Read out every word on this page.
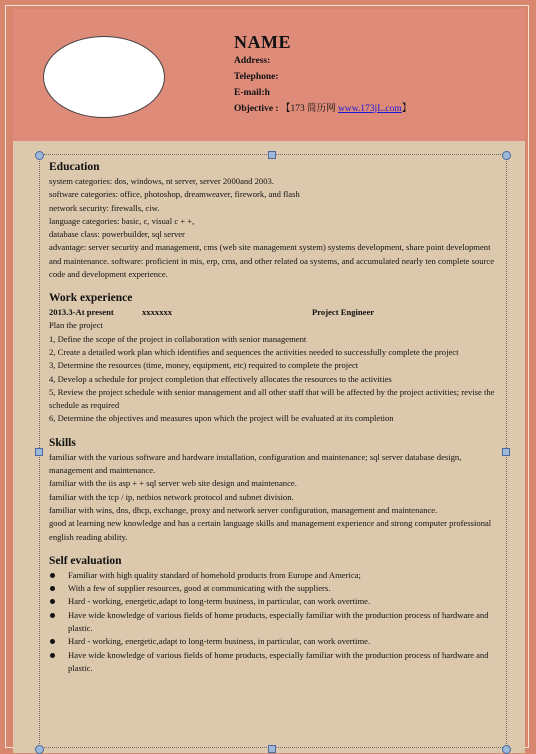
NAME

Address:

Telephone:

E-mail:h

Objective : 【173 简历网 www.173jL.com】

Education

system categories: dos, windows, nt server, server 2000and 2003.

software categories: office, photoshop, dreamweaver, firework, and flash

network security: firewalls, ciw.

language categories: basic, c, visual c + +,

database class: powerbuilder, sql server

advantage: server security and management, cms (web site management system) systems development, share point development and maintenance. software: proficient in mis, erp, cms, and other related oa systems, and accumulated nearly ten complete source code and development experience.

Work experience

2013.3-At present	xxxxxxx	Project Engineer

Plan the project

1, Define the scope of the project in collaboration with senior management

2, Create a detailed work plan which identifies and sequences the activities needed to successfully complete the project

3, Determine the resources (time, money, equipment, etc) required to complete the project

4, Develop a schedule for project completion that effectively allocates the resources to the activities

5, Review the project schedule with senior management and all other staff that will be affected by the project activities; revise the schedule as required

6, Determine the objectives and measures upon which the project will be evaluated at its completion

Skills

familiar with the various software and hardware installation, configuration and maintenance; sql server database design, management and maintenance.

familiar with the iis asp + + sql server web site design and maintenance.

familiar with the tcp / ip, netbios network protocol and subnet division.

familiar with wins, dns, dhcp, exchange, proxy and network server configuration, management and maintenance.

good at learning new knowledge and has a certain language skills and management experience and strong computer professional english reading ability.

Self evaluation

Familiar with high quality standard of homehold products from Europe and America;
With a few of supplier resources, good at communicating with the suppliers.
Hard - working, energetic,adapt to long-term business, in particular, can work overtime.
Have wide knowledge of various fields of home products, especially familiar with the production process of hardware and plastic.
Hard - working, energetic,adapt to long-term business, in particular, can work overtime.
Have wide knowledge of various fields of home products, especially familiar with the production process of hardware and plastic.
